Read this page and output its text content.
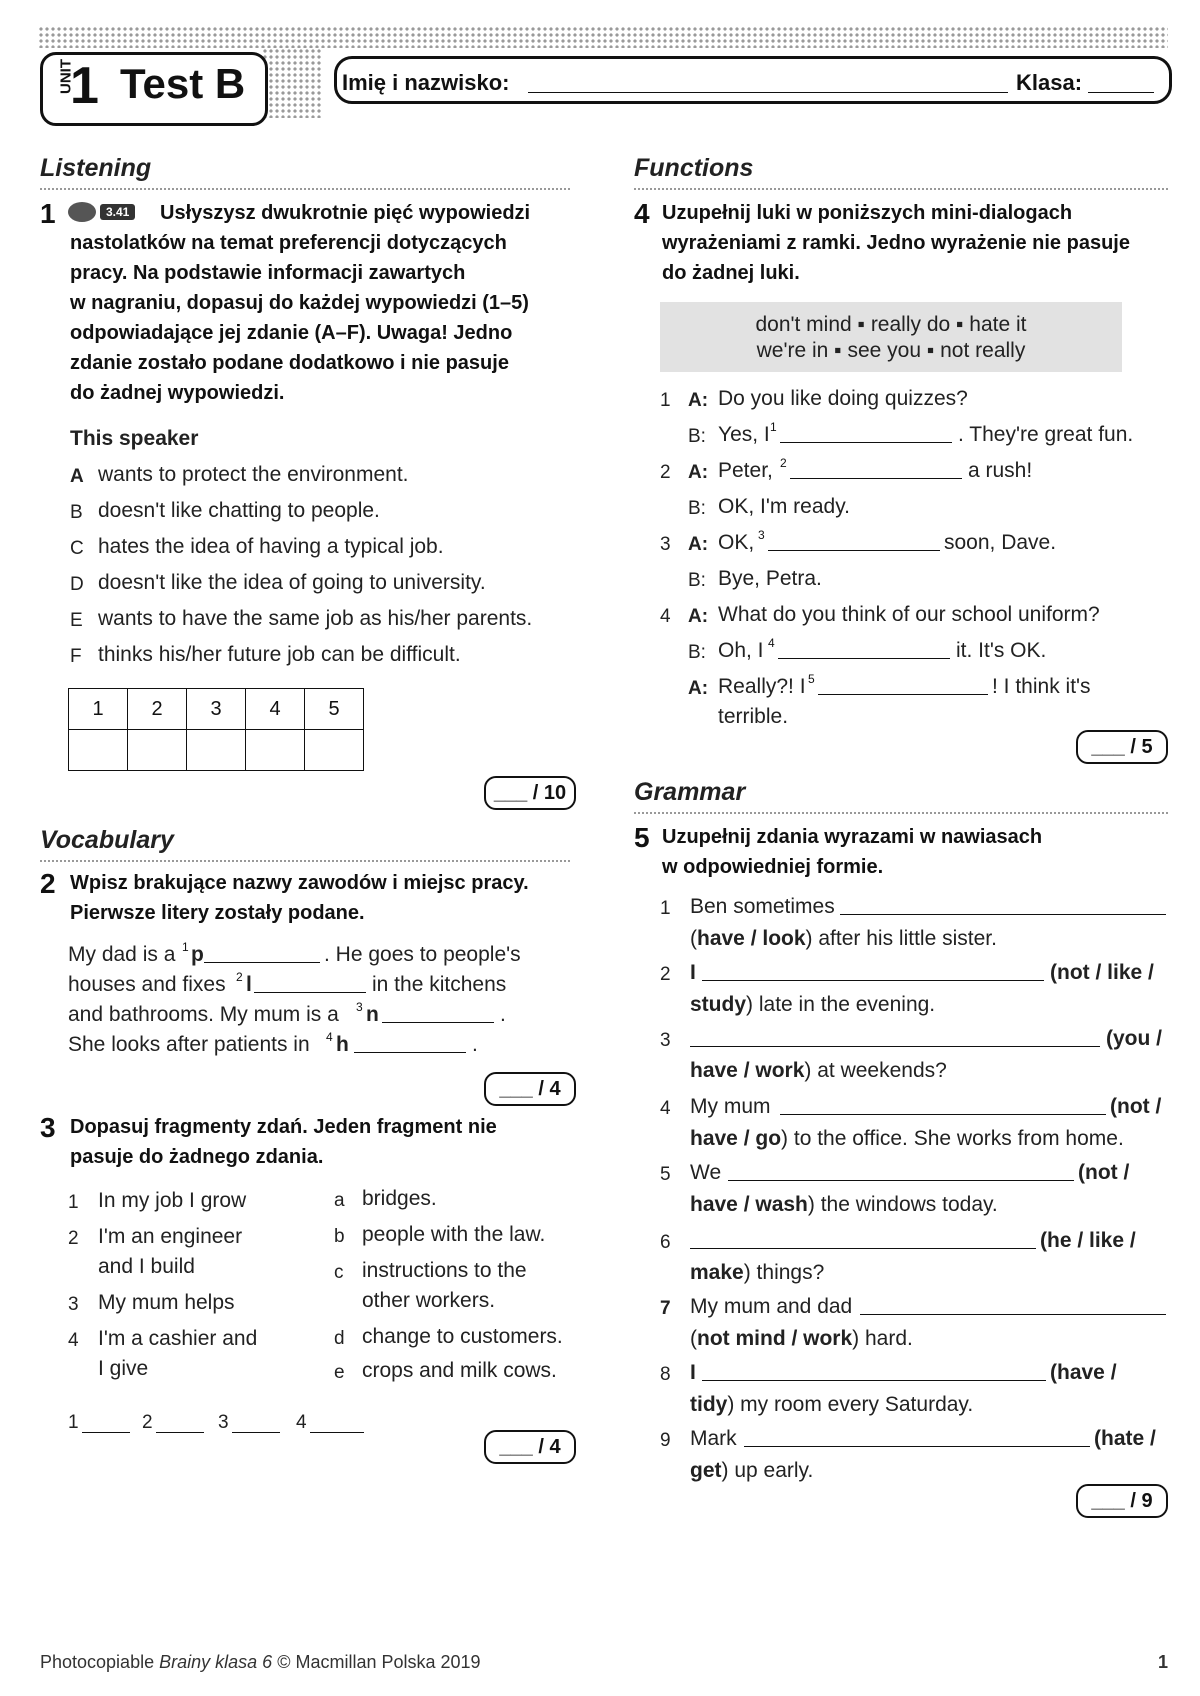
UNIT
1 Test B	Imię i nazwisko:	Klasa:
Listening
1	3.41	Usłyszysz dwukrotnie pięć wypowiedzi
nastolatków na temat preferencji dotyczących
pracy. Na podstawie informacji zawartych
w nagraniu, dopasuj do każdej wypowiedzi (1–5)
odpowiadające jej zdanie (A–F). Uwaga! Jedno
zdanie zostało podane dodatkowo i nie pasuje
do żadnej wypowiedzi.
This speaker
A wants to protect the environment.
B doesn't like chatting to people.
C hates the idea of having a typical job.
D doesn't like the idea of going to university.
E wants to have the same job as his/her parents.
F thinks his/her future job can be difficult.
1	2	3	4	5

___ / 10
Vocabulary
2 Wpisz brakujące nazwy zawodów i miejsc pracy.
Pierwsze litery zostały podane.
My dad is a 1 p	. He goes to people's
houses and fixes 2 l	in the kitchens
and bathrooms. My mum is a 3 n	.
She looks after patients in 4 h	.
___ / 4
3 Dopasuj fragmenty zdań. Jeden fragment nie
pasuje do żadnego zdania.
1 In my job I grow
2 I'm an engineer
and I build
3 My mum helps
4 I'm a cashier and
I give
a bridges.
b people with the law.
c instructions to the
other workers.
d change to customers.
e crops and milk cows.
1	2	3	4
___ / 4
Functions
4 Uzupełnij luki w poniższych mini-dialogach
wyrażeniami z ramki. Jedno wyrażenie nie pasuje
do żadnej luki.
don't mind ▪ really do ▪ hate it
we're in ▪ see you ▪ not really
1 A: Do you like doing quizzes?
B: Yes, I 1	. They're great fun.
2 A: Peter, 2	a rush!
B: OK, I'm ready.
3 A: OK, 3	soon, Dave.
B: Bye, Petra.
4 A: What do you think of our school uniform?
B: Oh, I 4	it. It's OK.
A: Really?! I 5	! I think it's
terrible.
___ / 5
Grammar
5 Uzupełnij zdania wyrazami w nawiasach
w odpowiedniej formie.
1 Ben sometimes
(have / look) after his little sister.
2 I	(not / like /
study) late in the evening.
3	(you /
have / work) at weekends?
4 My mum	(not /
have / go) to the office. She works from home.
5 We	(not /
have / wash) the windows today.
6	(he / like /
make) things?
7 My mum and dad
(not mind / work) hard.
8 I	(have /
tidy) my room every Saturday.
9 Mark	(hate /
get) up early.
___ / 9
Photocopiable Brainy klasa 6 © Macmillan Polska 2019	1
